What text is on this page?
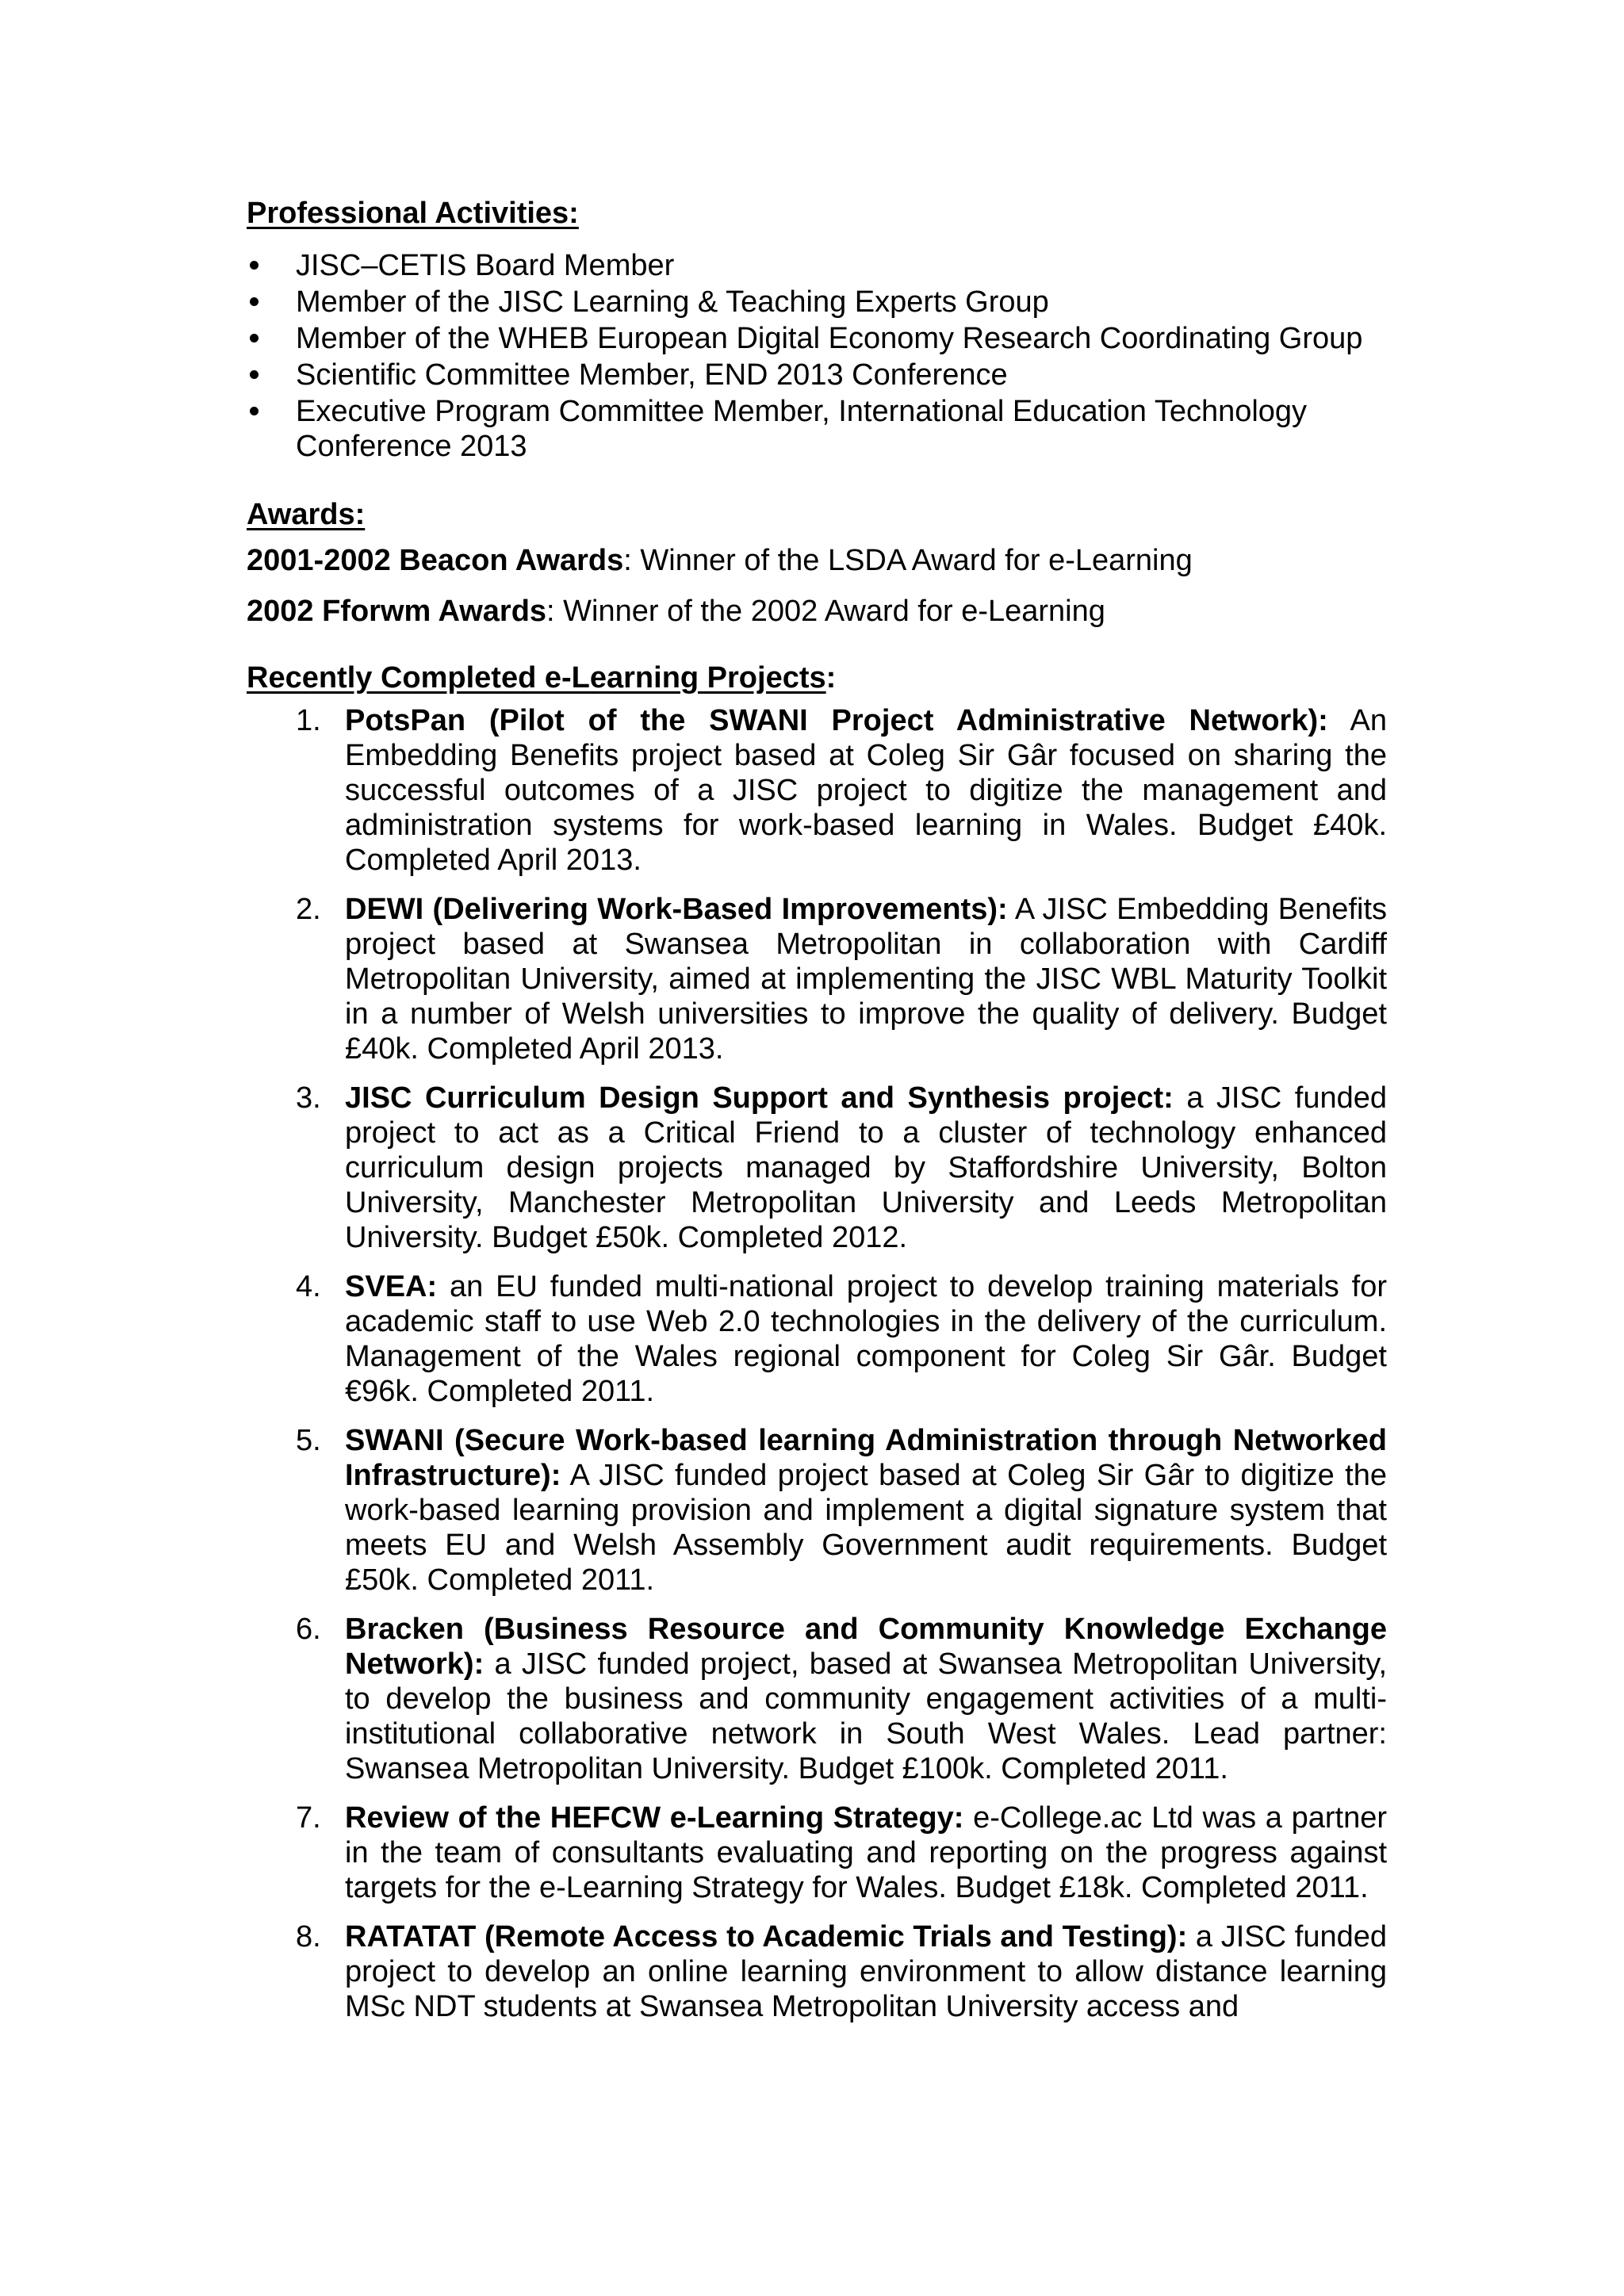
Professional Activities:
JISC–CETIS Board Member
Member of the JISC Learning & Teaching Experts Group
Member of the WHEB European Digital Economy Research Coordinating Group
Scientific Committee Member, END 2013 Conference
Executive Program Committee Member, International Education Technology Conference 2013
Awards:

2001-2002 Beacon Awards: Winner of the LSDA Award for e-Learning

2002 Fforwm Awards: Winner of the 2002 Award for e-Learning

Recently Completed e-Learning Projects:
1. PotsPan (Pilot of the SWANI Project Administrative Network): An Embedding Benefits project based at Coleg Sir Gâr focused on sharing the successful outcomes of a JISC project to digitize the management and administration systems for work-based learning in Wales. Budget £40k. Completed April 2013.
2. DEWI (Delivering Work-Based Improvements): A JISC Embedding Benefits project based at Swansea Metropolitan in collaboration with Cardiff Metropolitan University, aimed at implementing the JISC WBL Maturity Toolkit in a number of Welsh universities to improve the quality of delivery. Budget £40k. Completed April 2013.
3. JISC Curriculum Design Support and Synthesis project: a JISC funded project to act as a Critical Friend to a cluster of technology enhanced curriculum design projects managed by Staffordshire University, Bolton University, Manchester Metropolitan University and Leeds Metropolitan University. Budget £50k. Completed 2012.
4. SVEA: an EU funded multi-national project to develop training materials for academic staff to use Web 2.0 technologies in the delivery of the curriculum. Management of the Wales regional component for Coleg Sir Gâr. Budget €96k. Completed 2011.
5. SWANI (Secure Work-based learning Administration through Networked Infrastructure): A JISC funded project based at Coleg Sir Gâr to digitize the work-based learning provision and implement a digital signature system that meets EU and Welsh Assembly Government audit requirements. Budget £50k. Completed 2011.
6. Bracken (Business Resource and Community Knowledge Exchange Network): a JISC funded project, based at Swansea Metropolitan University, to develop the business and community engagement activities of a multi-institutional collaborative network in South West Wales. Lead partner: Swansea Metropolitan University. Budget £100k. Completed 2011.
7. Review of the HEFCW e-Learning Strategy: e-College.ac Ltd was a partner in the team of consultants evaluating and reporting on the progress against targets for the e-Learning Strategy for Wales. Budget £18k. Completed 2011.
8. RATATAT (Remote Access to Academic Trials and Testing): a JISC funded project to develop an online learning environment to allow distance learning MSc NDT students at Swansea Metropolitan University access and
